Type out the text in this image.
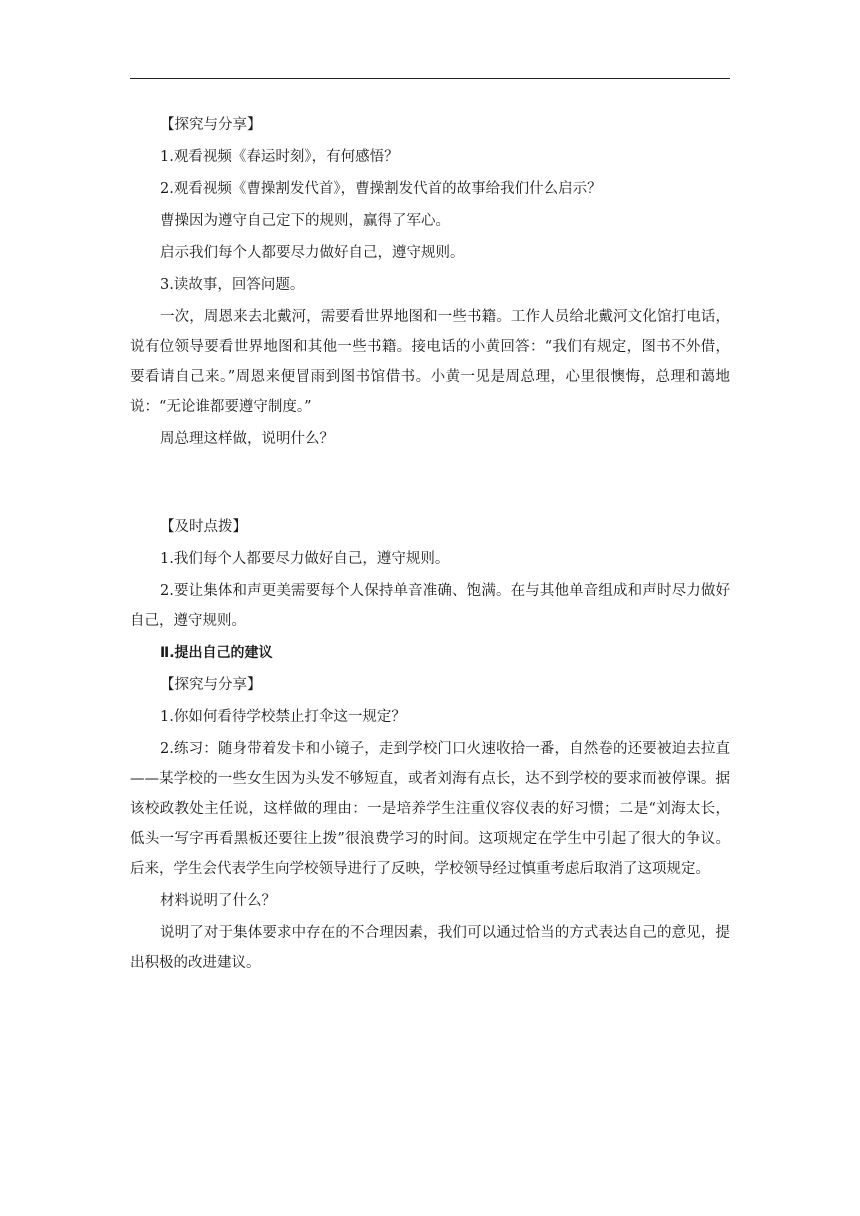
【探究与分享】

1.观看视频《春运时刻》，有何感悟？

2.观看视频《曹操割发代首》，曹操割发代首的故事给我们什么启示？

曹操因为遵守自己定下的规则，赢得了军心。

启示我们每个人都要尽力做好自己，遵守规则。

3.读故事，回答问题。

一次，周恩来去北戴河，需要看世界地图和一些书籍。工作人员给北戴河文化馆打电话，说有位领导要看世界地图和其他一些书籍。接电话的小黄回答：“我们有规定，图书不外借，要看请自己来。”周恩来便冒雨到图书馆借书。小黄一见是周总理，心里很懊悔，总理和蔼地说：“无论谁都要遵守制度。”

周总理这样做，说明什么？

【及时点拨】

1.我们每个人都要尽力做好自己，遵守规则。

2.要让集体和声更美需要每个人保持单音准确、饱满。在与其他单音组成和声时尽力做好自己，遵守规则。

Ⅱ.提出自己的建议

【探究与分享】

1.你如何看待学校禁止打伞这一规定？

2.练习：随身带着发卡和小镜子，走到学校门口火速收拾一番，自然卷的还要被迫去拉直——某学校的一些女生因为头发不够短直，或者刘海有点长，达不到学校的要求而被停课。据该校政教处主任说，这样做的理由：一是培养学生注重仪容仪表的好习惯；二是“刘海太长，低头一写字再看黑板还要往上拨”很浪费学习的时间。这项规定在学生中引起了很大的争议。后来，学生会代表学生向学校领导进行了反映，学校领导经过慎重考虑后取消了这项规定。

材料说明了什么？

说明了对于集体要求中存在的不合理因素，我们可以通过恰当的方式表达自己的意见，提出积极的改进建议。
